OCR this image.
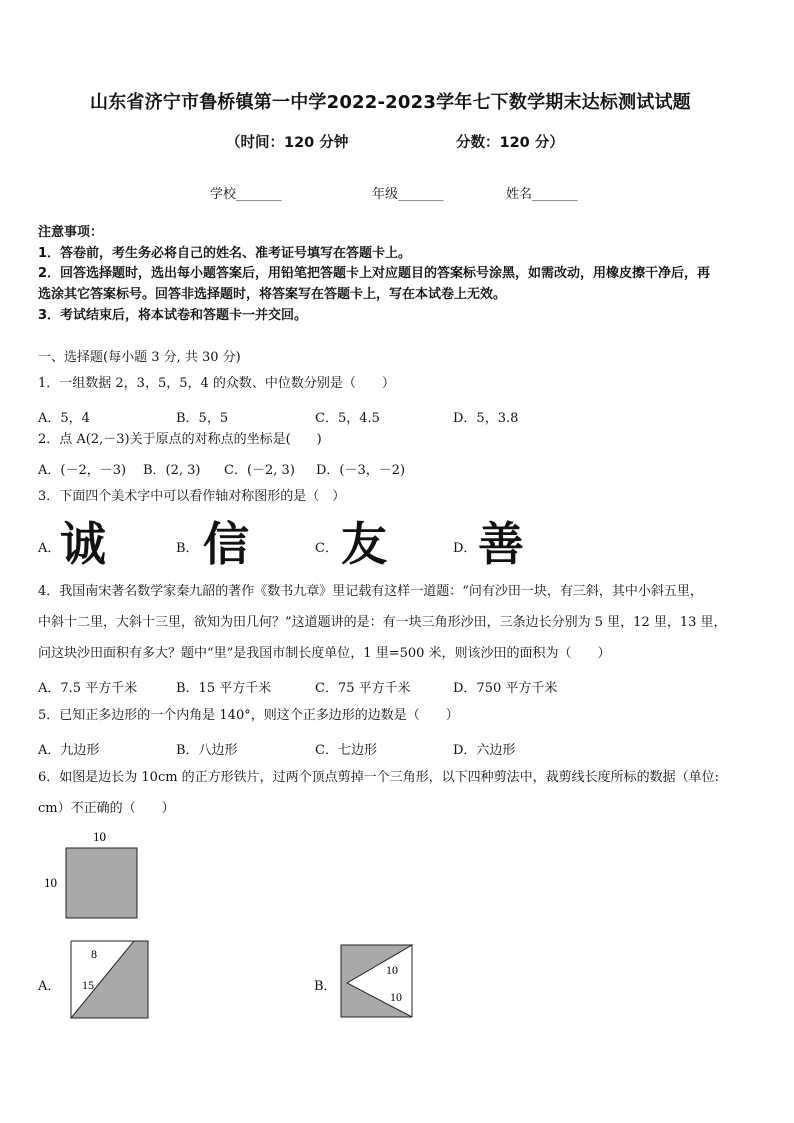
山东省济宁市鲁桥镇第一中学2022-2023学年七下数学期末达标测试试题
（时间：120 分钟	分数：120 分）
学校_______	年级_______	姓名_______
注意事项：
1．答卷前，考生务必将自己的姓名、准考证号填写在答题卡上。
2．回答选择题时，选出每小题答案后，用铅笔把答题卡上对应题目的答案标号涂黑，如需改动，用橡皮擦干净后，再
选涂其它答案标号。回答非选择题时，将答案写在答题卡上，写在本试卷上无效。
3．考试结束后，将本试卷和答题卡一并交回。
一、选择题(每小题 3 分, 共 30 分)
1．一组数据 2，3，5，5，4 的众数、中位数分别是（　　）
A．5，4	B．5，5	C．5，4.5	D．5，3.8
2．点 A(2,－3)关于原点的对称点的坐标是(　　)
A．(－2，－3) B．(2, 3) C．(－2, 3) D．(－3，－2)
3．下面四个美术字中可以看作轴对称图形的是（　）
A． 诚	B． 信	C． 友	D． 善
4．我国南宋著名数学家秦九韶的著作《数书九章》里记载有这样一道题：“问有沙田一块，有三斜，其中小斜五里，
中斜十二里，大斜十三里，欲知为田几何？”这道题讲的是：有一块三角形沙田，三条边长分别为 5 里，12 里，13 里，
问这块沙田面积有多大？题中“里”是我国市制长度单位，1 里=500 米，则该沙田的面积为（　　）
A．7.5 平方千米	B．15 平方千米	C．75 平方千米	D．750 平方千米
5．已知正多边形的一个内角是 140°，则这个正多边形的边数是（　　）
A．九边形	B．八边形	C．七边形	D．六边形
6．如图是边长为 10cm 的正方形铁片，过两个顶点剪掉一个三角形，以下四种剪法中，裁剪线长度所标的数据（单位:
cm）不正确的（　　）
10
10
A．
8
15	B．
10
10
